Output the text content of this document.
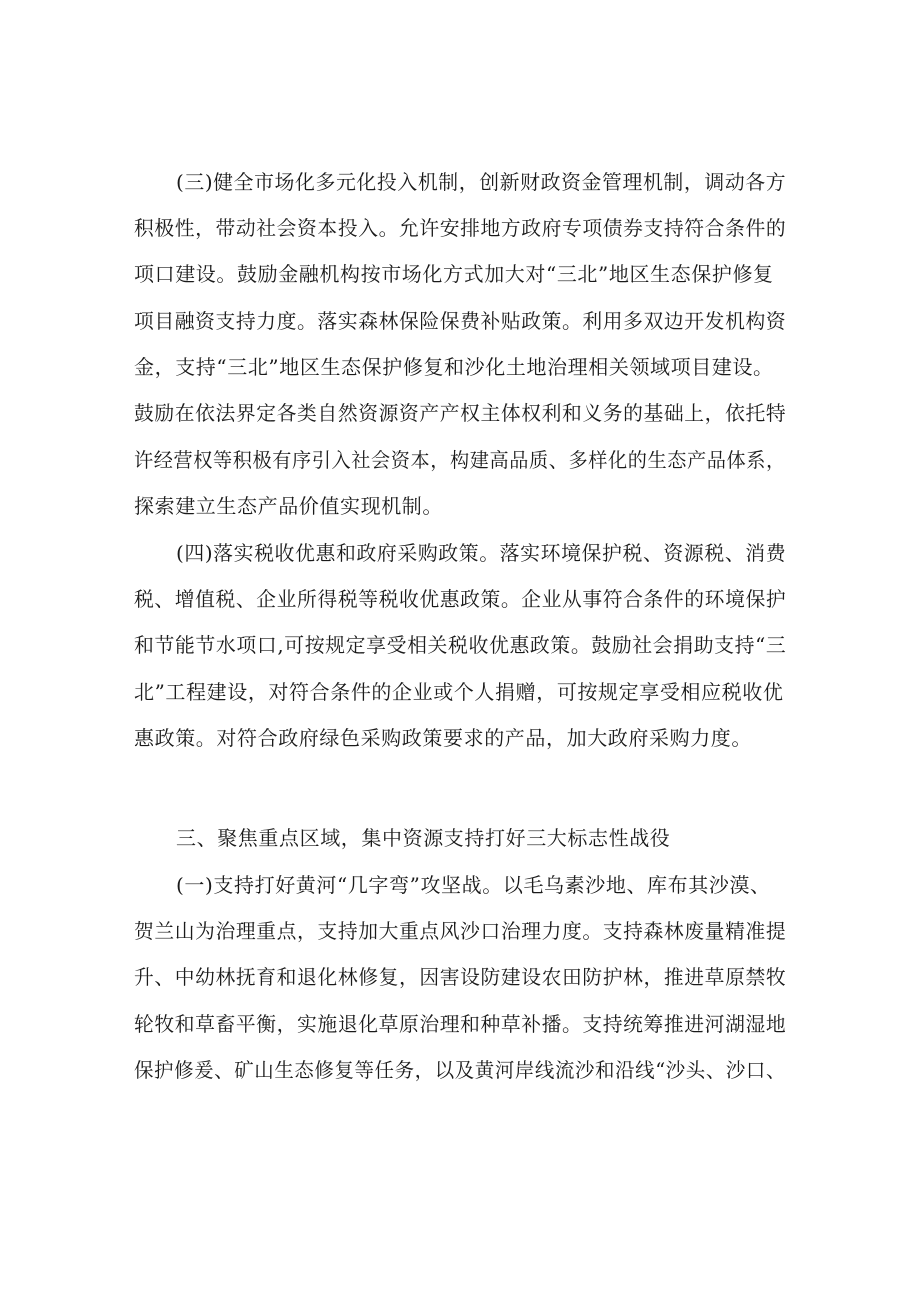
(三)健全市场化多元化投入机制，创新财政资金管理机制，调动各方
积极性，带动社会资本投入。允许安排地方政府专项债券支持符合条件的
项口建设。鼓励金融机构按市场化方式加大对“三北”地区生态保护修复
项目融资支持力度。落实森林保险保费补贴政策。利用多双边开发机构资
金，支持“三北”地区生态保护修复和沙化土地治理相关领域项目建设。
鼓励在依法界定各类自然资源资产产权主体权利和义务的基础上，依托特
许经营权等积极有序引入社会资本，构建高品质、多样化的生态产品体系，
探索建立生态产品价值实现机制。
(四)落实税收优惠和政府采购政策。落实环境保护税、资源税、消费
税、增值税、企业所得税等税收优惠政策。企业从事符合条件的环境保护
和节能节水项口,可按规定享受相关税收优惠政策。鼓励社会捐助支持“三
北”工程建设，对符合条件的企业或个人捐赠，可按规定享受相应税收优
惠政策。对符合政府绿色采购政策要求的产品，加大政府采购力度。
三、聚焦重点区域，集中资源支持打好三大标志性战役
(一)支持打好黄河“几字弯”攻坚战。以毛乌素沙地、库布其沙漠、
贺兰山为治理重点，支持加大重点风沙口治理力度。支持森林废量精准提
升、中幼林抚育和退化林修复，因害设防建设农田防护林，推进草原禁牧
轮牧和草畜平衡，实施退化草原治理和种草补播。支持统筹推进河湖湿地
保护修爰、矿山生态修复等任务，以及黄河岸线流沙和沿线“沙头、沙口、
